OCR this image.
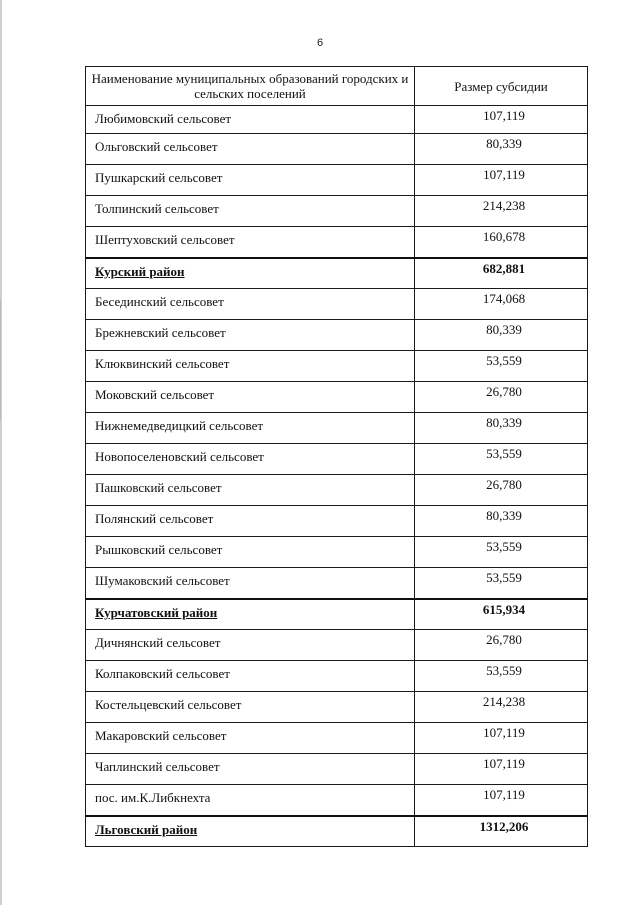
6
Наименование муниципальных образований городских и сельских поселений	Размер субсидии
Любимовский сельсовет	107,119
Ольговский сельсовет	80,339
Пушкарский сельсовет	107,119
Толпинский сельсовет	214,238
Шептуховский сельсовет	160,678
Курский район	682,881
Бесединский сельсовет	174,068
Брежневский сельсовет	80,339
Клюквинский сельсовет	53,559
Моковский сельсовет	26,780
Нижнемедведицкий сельсовет	80,339
Новопоселеновский сельсовет	53,559
Пашковский сельсовет	26,780
Полянский сельсовет	80,339
Рышковский сельсовет	53,559
Шумаковский сельсовет	53,559
Курчатовский район	615,934
Дичнянский сельсовет	26,780
Колпаковский сельсовет	53,559
Костельцевский сельсовет	214,238
Макаровский сельсовет	107,119
Чаплинский сельсовет	107,119
пос. им.К.Либкнехта	107,119
Льговский район	1312,206
